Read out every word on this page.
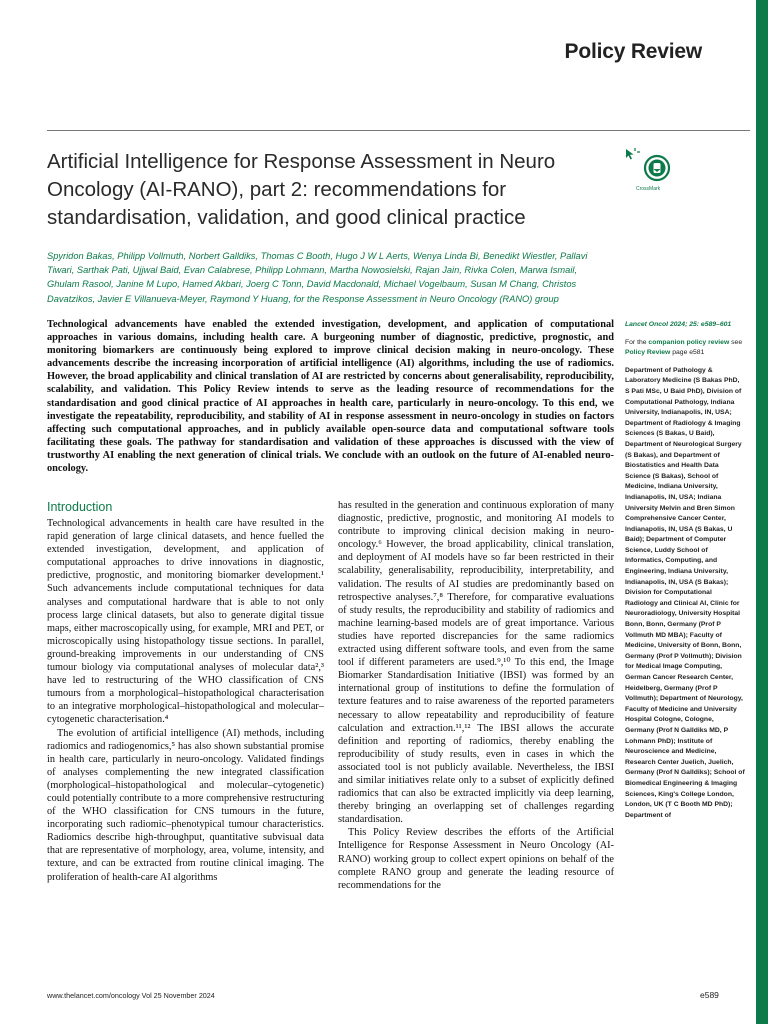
Policy Review
Artificial Intelligence for Response Assessment in Neuro Oncology (AI-RANO), part 2: recommendations for standardisation, validation, and good clinical practice
CrossMark
Spyridon Bakas, Philipp Vollmuth, Norbert Galldiks, Thomas C Booth, Hugo J W L Aerts, Wenya Linda Bi, Benedikt Wiestler, Pallavi Tiwari, Sarthak Pati, Ujjwal Baid, Evan Calabrese, Philipp Lohmann, Martha Nowosielski, Rajan Jain, Rivka Colen, Marwa Ismail, Ghulam Rasool, Janine M Lupo, Hamed Akbari, Joerg C Tonn, David Macdonald, Michael Vogelbaum, Susan M Chang, Christos Davatzikos, Javier E Villanueva-Meyer, Raymond Y Huang, for the Response Assessment in Neuro Oncology (RANO) group
Technological advancements have enabled the extended investigation, development, and application of computational approaches in various domains, including health care. A burgeoning number of diagnostic, predictive, prognostic, and monitoring biomarkers are continuously being explored to improve clinical decision making in neuro-oncology. These advancements describe the increasing incorporation of artificial intelligence (AI) algorithms, including the use of radiomics. However, the broad applicability and clinical translation of AI are restricted by concerns about generalisability, reproducibility, scalability, and validation. This Policy Review intends to serve as the leading resource of recommendations for the standardisation and good clinical practice of AI approaches in health care, particularly in neuro-oncology. To this end, we investigate the repeatability, reproducibility, and stability of AI in response assessment in neuro-oncology in studies on factors affecting such computational approaches, and in publicly available open-source data and computational software tools facilitating these goals. The pathway for standardisation and validation of these approaches is discussed with the view of trustworthy AI enabling the next generation of clinical trials. We conclude with an outlook on the future of AI-enabled neuro-oncology.
Introduction

Technological advancements in health care have resulted in the rapid generation of large clinical datasets, and hence fuelled the extended investigation, development, and application of computational approaches to drive innovations in diagnostic, predictive, prognostic, and monitoring biomarker development.¹ Such advancements include computational techniques for data analyses and computational hardware that is able to not only process large clinical datasets, but also to generate digital tissue maps, either macroscopically using, for example, MRI and PET, or microscopically using histopathology tissue sections. In parallel, ground-breaking improvements in our understanding of CNS tumour biology via computational analyses of molecular data²,³ have led to restructuring of the WHO classification of CNS tumours from a morphological–histopathological characterisation to an integrative morphological–histopathological and molecular–cytogenetic characterisation.⁴

The evolution of artificial intelligence (AI) methods, including radiomics and radiogenomics,⁵ has also shown substantial promise in health care, particularly in neuro-oncology. Validated findings of analyses complementing the new integrated classification (morphological–histopathological and molecular–cytogenetic) could potentially contribute to a more comprehensive restructuring of the WHO classification for CNS tumours in the future, incorporating such radiomic–phenotypical tumour characteristics. Radiomics describe high-throughput, quantitative subvisual data that are representative of morphology, area, volume, intensity, and texture, and can be extracted from routine clinical imaging. The proliferation of health-care AI algorithms

has resulted in the generation and continuous exploration of many diagnostic, predictive, prognostic, and monitoring AI models to contribute to improving clinical decision making in neuro-oncology.⁶ However, the broad applicability, clinical translation, and deployment of AI models have so far been restricted in their scalability, generalisability, reproducibility, interpretability, and validation. The results of AI studies are predominantly based on retrospective analyses.⁷,⁸ Therefore, for comparative evaluations of study results, the reproducibility and stability of radiomics and machine learning-based models are of great importance. Various studies have reported discrepancies for the same radiomics extracted using different software tools, and even from the same tool if different parameters are used.⁹,¹⁰ To this end, the Image Biomarker Standardisation Initiative (IBSI) was formed by an international group of institutions to define the formulation of texture features and to raise awareness of the reported parameters necessary to allow repeatability and reproducibility of feature calculation and extraction.¹¹,¹² The IBSI allows the accurate definition and reporting of radiomics, thereby enabling the reproducibility of study results, even in cases in which the associated tool is not publicly available. Nevertheless, the IBSI and similar initiatives relate only to a subset of explicitly defined radiomics that can also be extracted implicitly via deep learning, thereby bringing an overlapping set of challenges regarding standardisation.

This Policy Review describes the efforts of the Artificial Intelligence for Response Assessment in Neuro Oncology (AI-RANO) working group to collect expert opinions on behalf of the complete RANO group and generate the leading resource of recommendations for the

Lancet Oncol 2024; 25: e589–601
For the companion policy review see Policy Review page e581
Department of Pathology & Laboratory Medicine (S Bakas PhD, S Pati MSc, U Baid PhD), Division of Computational Pathology, Indiana University, Indianapolis, IN, USA; Department of Radiology & Imaging Sciences (S Bakas, U Baid), Department of Neurological Surgery (S Bakas), and Department of Biostatistics and Health Data Science (S Bakas), School of Medicine, Indiana University, Indianapolis, IN, USA; Indiana University Melvin and Bren Simon Comprehensive Cancer Center, Indianapolis, IN, USA (S Bakas, U Baid); Department of Computer Science, Luddy School of Informatics, Computing, and Engineering, Indiana University, Indianapolis, IN, USA (S Bakas); Division for Computational Radiology and Clinical AI, Clinic for Neuroradiology, University Hospital Bonn, Bonn, Germany (Prof P Vollmuth MD MBA); Faculty of Medicine, University of Bonn, Bonn, Germany (Prof P Vollmuth); Division for Medical Image Computing, German Cancer Research Center, Heidelberg, Germany (Prof P Vollmuth); Department of Neurology, Faculty of Medicine and University Hospital Cologne, Cologne, Germany (Prof N Galldiks MD, P Lohmann PhD); Institute of Neuroscience and Medicine, Research Center Juelich, Juelich, Germany (Prof N Galldiks); School of Biomedical Engineering & Imaging Sciences, King's College London, London, UK (T C Booth MD PhD); Department of
www.thelancet.com/oncology Vol 25 November 2024	e589
